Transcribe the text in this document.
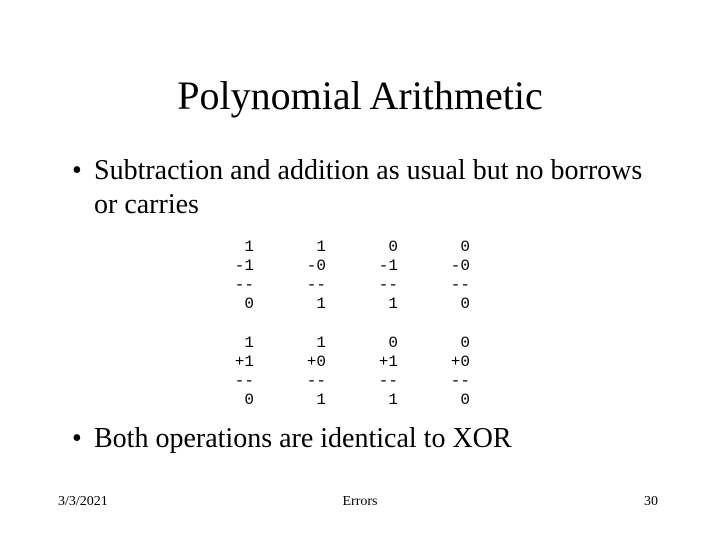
Polynomial Arithmetic
• Subtraction and addition as usual but no borrows or carries
1
-1
--
0
1
-0
--
1
0
-1
--
1
0
-0
--
0
1
+1
--
0
1
+0
--
1
0
+1
--
1
0
+0
--
0
• Both operations are identical to XOR
3/3/2021	Errors	30
